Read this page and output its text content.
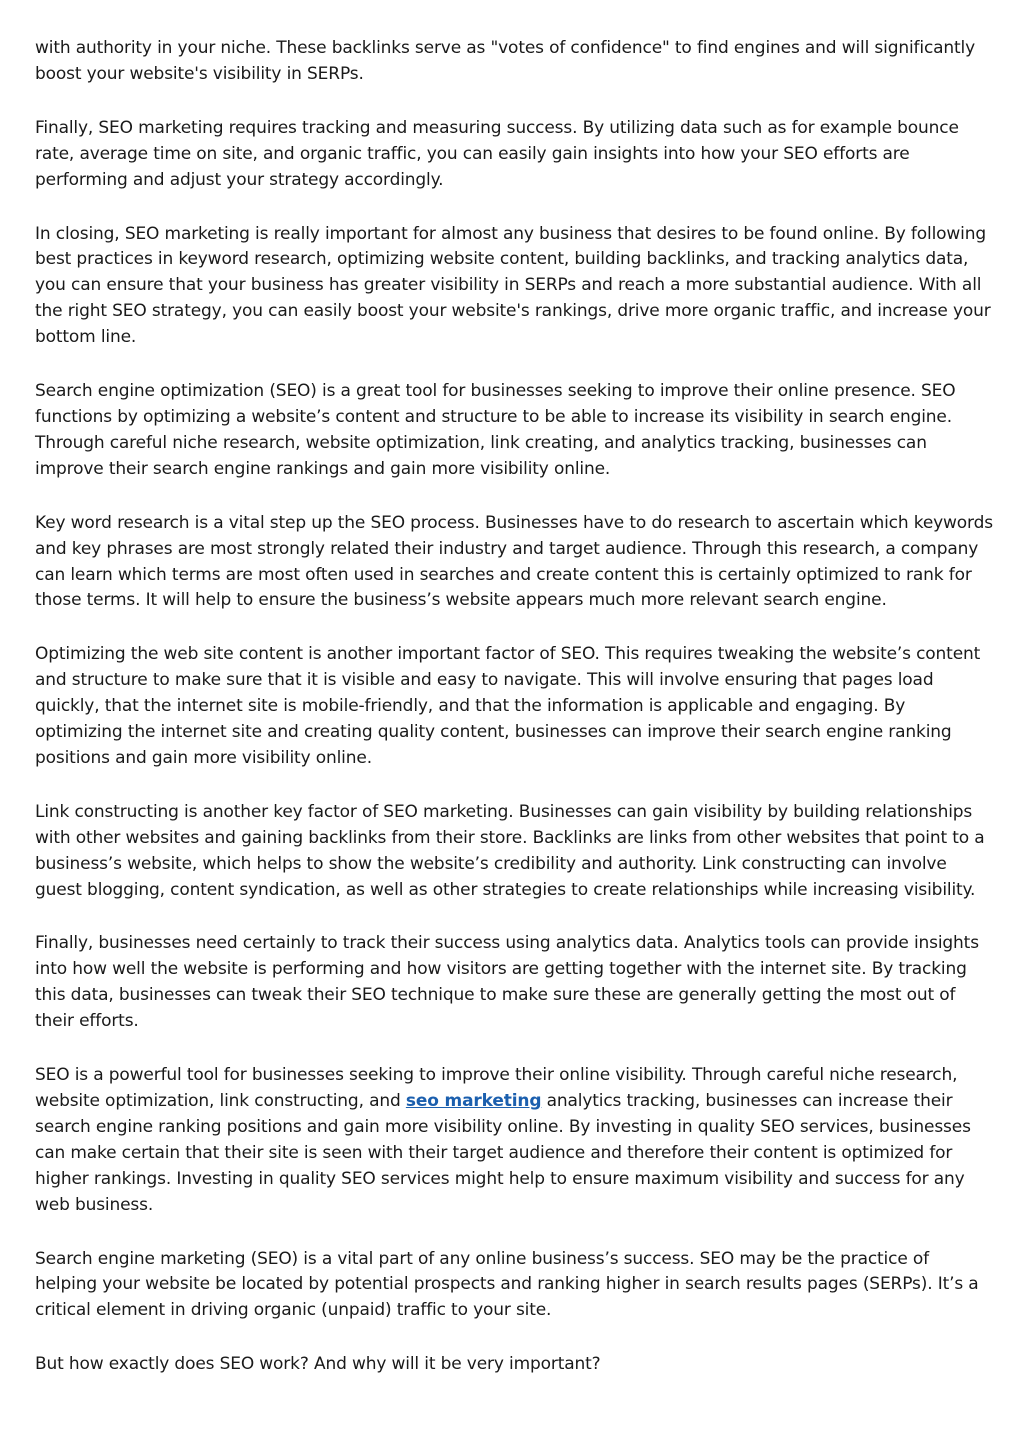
with authority in your niche. These backlinks serve as "votes of confidence" to find engines and will significantly boost your website's visibility in SERPs.

Finally, SEO marketing requires tracking and measuring success. By utilizing data such as for example bounce rate, average time on site, and organic traffic, you can easily gain insights into how your SEO efforts are performing and adjust your strategy accordingly.

In closing, SEO marketing is really important for almost any business that desires to be found online. By following best practices in keyword research, optimizing website content, building backlinks, and tracking analytics data, you can ensure that your business has greater visibility in SERPs and reach a more substantial audience. With all the right SEO strategy, you can easily boost your website's rankings, drive more organic traffic, and increase your bottom line.

Search engine optimization (SEO) is a great tool for businesses seeking to improve their online presence. SEO functions by optimizing a website’s content and structure to be able to increase its visibility in search engine. Through careful niche research, website optimization, link creating, and analytics tracking, businesses can improve their search engine rankings and gain more visibility online.

Key word research is a vital step up the SEO process. Businesses have to do research to ascertain which keywords and key phrases are most strongly related their industry and target audience. Through this research, a company can learn which terms are most often used in searches and create content this is certainly optimized to rank for those terms. It will help to ensure the business’s website appears much more relevant search engine.

Optimizing the web site content is another important factor of SEO. This requires tweaking the website’s content and structure to make sure that it is visible and easy to navigate. This will involve ensuring that pages load quickly, that the internet site is mobile-friendly, and that the information is applicable and engaging. By optimizing the internet site and creating quality content, businesses can improve their search engine ranking positions and gain more visibility online.

Link constructing is another key factor of SEO marketing. Businesses can gain visibility by building relationships with other websites and gaining backlinks from their store. Backlinks are links from other websites that point to a business’s website, which helps to show the website’s credibility and authority. Link constructing can involve guest blogging, content syndication, as well as other strategies to create relationships while increasing visibility.

Finally, businesses need certainly to track their success using analytics data. Analytics tools can provide insights into how well the website is performing and how visitors are getting together with the internet site. By tracking this data, businesses can tweak their SEO technique to make sure these are generally getting the most out of their efforts.

SEO is a powerful tool for businesses seeking to improve their online visibility. Through careful niche research, website optimization, link constructing, and seo marketing analytics tracking, businesses can increase their search engine ranking positions and gain more visibility online. By investing in quality SEO services, businesses can make certain that their site is seen with their target audience and therefore their content is optimized for higher rankings. Investing in quality SEO services might help to ensure maximum visibility and success for any web business.

Search engine marketing (SEO) is a vital part of any online business’s success. SEO may be the practice of helping your website be located by potential prospects and ranking higher in search results pages (SERPs). It’s a critical element in driving organic (unpaid) traffic to your site.

But how exactly does SEO work? And why will it be very important?
